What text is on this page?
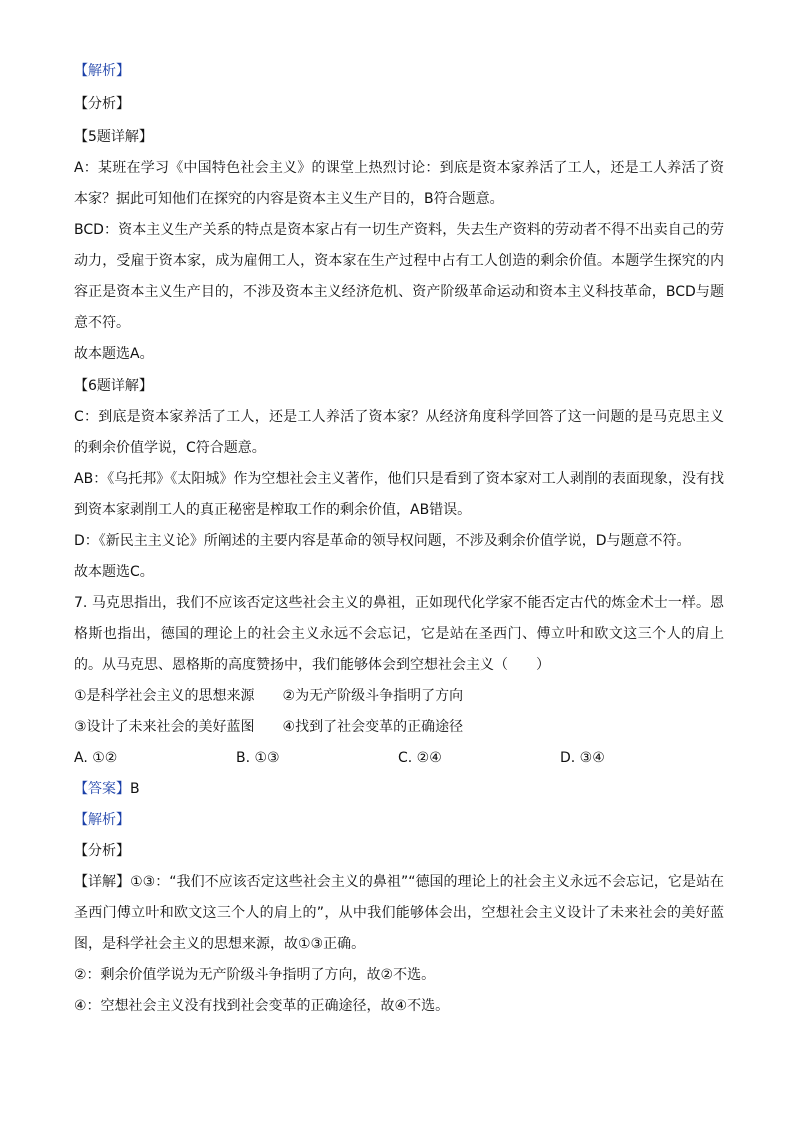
【解析】

【分析】

【5题详解】

A：某班在学习《中国特色社会主义》的课堂上热烈讨论：到底是资本家养活了工人，还是工人养活了资本家？据此可知他们在探究的内容是资本主义生产目的，B符合题意。

BCD：资本主义生产关系的特点是资本家占有一切生产资料，失去生产资料的劳动者不得不出卖自己的劳动力，受雇于资本家，成为雇佣工人，资本家在生产过程中占有工人创造的剩余价值。本题学生探究的内容正是资本主义生产目的，不涉及资本主义经济危机、资产阶级革命运动和资本主义科技革命，BCD与题意不符。

故本题选A。

【6题详解】

C：到底是资本家养活了工人，还是工人养活了资本家？从经济角度科学回答了这一问题的是马克思主义的剩余价值学说，C符合题意。

AB：《乌托邦》《太阳城》作为空想社会主义著作，他们只是看到了资本家对工人剥削的表面现象，没有找到资本家剥削工人的真正秘密是榨取工作的剩余价值，AB错误。

D：《新民主主义论》所阐述的主要内容是革命的领导权问题，不涉及剩余价值学说，D与题意不符。

故本题选C。

7. 马克思指出，我们不应该否定这些社会主义的鼻祖，正如现代化学家不能否定古代的炼金术士一样。恩格斯也指出，德国的理论上的社会主义永远不会忘记，它是站在圣西门、傅立叶和欧文这三个人的肩上的。从马克思、恩格斯的高度赞扬中，我们能够体会到空想社会主义（　　）

①是科学社会主义的思想来源　　②为无产阶级斗争指明了方向

③设计了未来社会的美好蓝图　　④找到了社会变革的正确途径

A. ①②	B. ①③	C. ②④	D. ③④

【答案】B

【解析】

【分析】

【详解】①③：“我们不应该否定这些社会主义的鼻祖”“德国的理论上的社会主义永远不会忘记，它是站在圣西门傅立叶和欧文这三个人的肩上的”，从中我们能够体会出，空想社会主义设计了未来社会的美好蓝图，是科学社会主义的思想来源，故①③正确。

②：剩余价值学说为无产阶级斗争指明了方向，故②不选。

④：空想社会主义没有找到社会变革的正确途径，故④不选。
